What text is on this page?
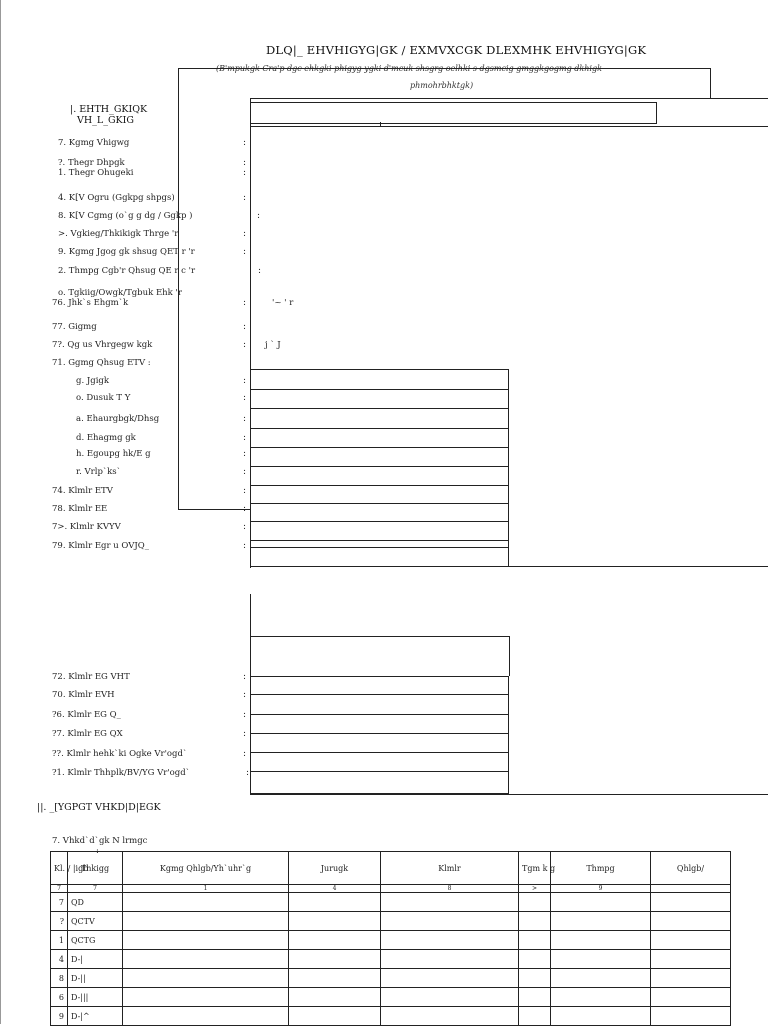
DLQ|_ EHVHIGYG|GK / EXMVXCGK DLEXMHK EHVHIGYG|GK
phmohrbhktgk)
|. EHTH_GKIQK
VH_L_GKIG
7. Kgmg Vhigwg	:
?. Thegr Dhpgk	:
1. Thegr Ohugeki	:
4. K[V Ogru (Ggkpg shpgs)	:
8. K[V Cgmg (o`g g dg / Ggkp )	:
>. Vgkieg/Thkikigk Thrge 'r	:
9. Kgmg Jgog gk shsug QET r 'r	:
2. Thmpg Cgb'r Qhsug QE r c 'r	:
o. Tgkiig/Owgk/Tgbuk Ehk 'r
76. Jhk`s Ehgm`k	:	'~ ' r
77. Gigmg	:
7?. Qg us Vhrgegw kgk	: j ` J
71. Ggmg Qhsug ETV :
g. Jgigk	:
o. Dusuk T Y	:
a. Ehaurgbgk/Dhsg	:
d. Ehagmg gk	:
h. Egoupg hk/E g	:
r. Vrlp`ks`	:
74. Klmlr ETV	:
78. Klmlr EE	:
7>. Klmlr KVYV	:
79. Klmlr Egr u OVJQ_	:
72. Klmlr EG VHT	:
70. Klmlr EVH	:
?6. Klmlr EG Q_	:
?7. Klmlr EG QX	:
??. Klmlr hehk`ki Ogke Vr'ogd`	:
?1. Klmlr Thhplk/BV/YG Vr'ogd`	:
||. _[YGPGT VHKD|D|EGK
7. Vhkd`d`gk N lrmgc
:
Kl. / |igb	Thkigg	Kgmg Qhlgb/Yh`uhr`g	Jurugk	Klmlr	Tgm k g	Thmpg	Qhlgb/
7	7	1	4	8	>	9	
7	QD						
?	QCTV						
1	QCTG						
4	D-|						
8	D-||						
6	D-|||						
9	D-|^						
